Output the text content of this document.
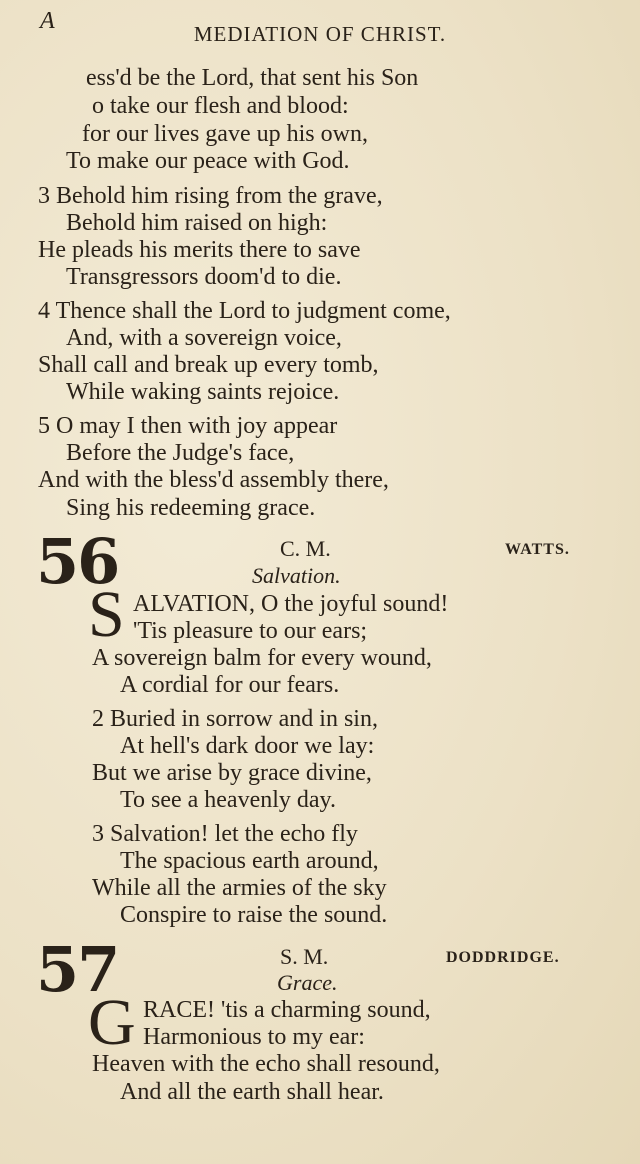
A	MEDIATION OF CHRIST.
ess'd be the Lord, that sent his Son
o take our flesh and blood:
for our lives gave up his own,
To make our peace with God.
3 Behold him rising from the grave,
Behold him raised on high:
He pleads his merits there to save
Transgressors doom'd to die.
4 Thence shall the Lord to judgment come,
And, with a sovereign voice,
Shall call and break up every tomb,
While waking saints rejoice.
5 O may I then with joy appear
Before the Judge's face,
And with the bless'd assembly there,
Sing his redeeming grace.
56	C. M.	WATTS.
Salvation.
S ALVATION, O the joyful sound!
'Tis pleasure to our ears;
A sovereign balm for every wound,
A cordial for our fears.
2 Buried in sorrow and in sin,
At hell's dark door we lay:
But we arise by grace divine,
To see a heavenly day.
3 Salvation! let the echo fly
The spacious earth around,
While all the armies of the sky
Conspire to raise the sound.
57	S. M.	DODDRIDGE.
Grace.
G RACE! 'tis a charming sound,
Harmonious to my ear:
Heaven with the echo shall resound,
And all the earth shall hear.
